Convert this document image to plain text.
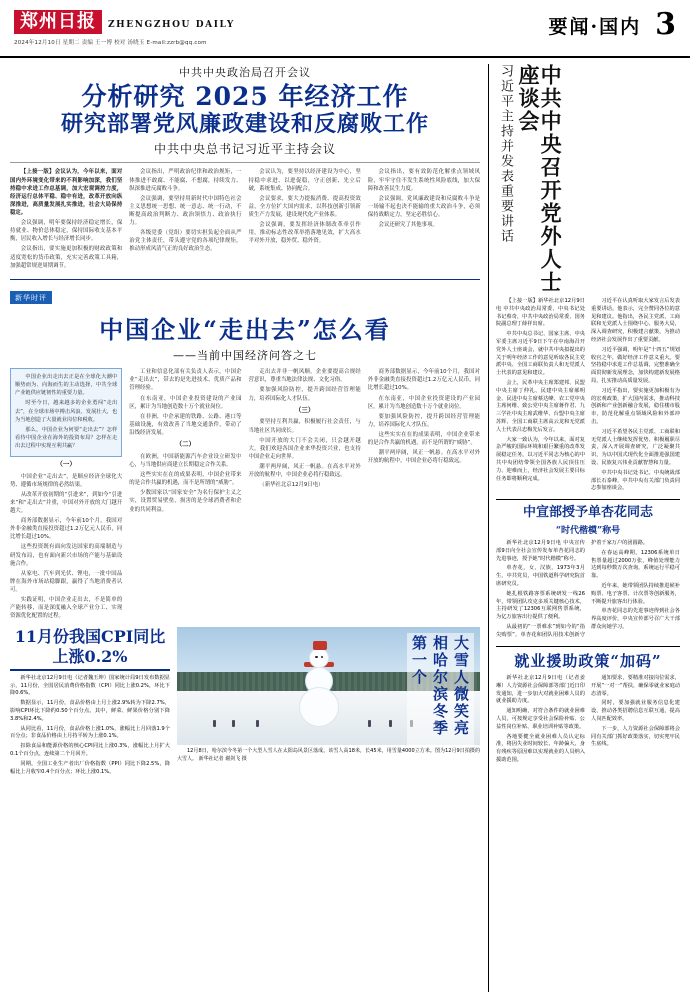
郑州日报	ZHENGZHOU DAILY
2024年12月10日 星期二 责编 王一博 校对 汤晓玉 E-mail:zzrb@qq.com
要闻·国内 3
中共中央政治局召开会议
分析研究 2025 年经济工作
研究部署党风廉政建设和反腐败工作
中共中央总书记习近平主持会议

【上接一版】会议认为，今年以来，面对国内外环境变化带来的不利影响加深，我们坚持稳中求进工作总基调，加大宏观调控力度，经济运行总体平稳、稳中有进，改革开放向纵深推进，高质量发展扎实推进，社会大局保持稳定。

会议强调，明年要保持经济稳定增长，保持就业、物价总体稳定，保持国际收支基本平衡，居民收入增长与经济增长同步。

会议指出，要实施更加积极的财政政策和适度宽松的货币政策，充实完善政策工具箱，加强超常规逆周期调节。

会议指出，严明政治纪律和政治规矩，一体推进不敢腐、不能腐、不想腐，持续发力、纵深推进反腐败斗争。

会议强调，要坚持用新时代中国特色社会主义思想统一思想、统一意志、统一行动，不断提高政治判断力、政治领悟力、政治执行力。

各级党委（党组）要切实担负起全面从严治党主体责任，带头遵守党的各项纪律规矩，推动形成风清气正的良好政治生态。

会议认为，要坚持以经济建设为中心，坚持稳中求进、以进促稳，守正创新、先立后破，系统集成、协同配合。

会议要求，要大力提振消费、提高投资效益，全方位扩大国内需求，以科技创新引领新质生产力发展，建设现代化产业体系。

会议强调，要发挥经济体制改革牵引作用，推动标志性改革举措落地见效，扩大高水平对外开放，稳外贸、稳外资。

会议指出，要有效防范化解重点领域风险，牢牢守住不发生系统性风险底线，加大保障和改善民生力度。

会议强调，党风廉政建设和反腐败斗争是一场输不起也决不能输的重大政治斗争，必须保持战略定力，坚定必胜信心。

会议还研究了其他事项。

新华时评
中国企业“走出去”怎么看
——当前中国经济问答之七

中国企业出走出去正是在全球化大潮中顺势而为、向海而生的主动选择，中共全球产业链供应链韧性的重要力量。

时至今日，越来越多的企业勇闯“走出去”，在全球市场中搏击风浪、发展壮大，也为当地创造了大量就业岗位和税收。

那么，中国企业为何要“走出去”？怎样看待中国企业在海外的投资布局？怎样在走出去过程中实现互利共赢？

（一）

中国企业“走出去”，是顺应经济全球化大势、遵循市场规律的必然结果。

从改革开放初期的“引进来”，到如今“引进来”和“走出去”并重，中国对外开放的大门越开越大。

商务部数据显示，今年前10个月，我国对外非金融类直接投资超过1.2万亿元人民币，同比增长超过10%。

这些投资既有面向发达国家的高端制造与研发布局，也有面向新兴市场的产能与基础设施合作。

从家电、汽车到光伏、锂电，一批中国品牌在海外市场站稳脚跟，赢得了当地消费者认可。

实践证明，中国企业走出去，不是简单的产能转移，而是深度融入全球产业分工、实现资源优化配置的过程。

工业和信息化部有关负责人表示，中国企业“走出去”，带去的是先进技术、优质产品和管理经验。

在东南亚，中国企业投资建设的产业园区，累计为当地创造数十万个就业岗位。

在非洲，中企承建的铁路、公路、港口等基础设施，有效改善了当地交通条件，带动了沿线经济发展。

（二）

在欧洲，中国新能源汽车企业设立研发中心，与当地供应商建立长期稳定合作关系。

这些实实在在的成果表明，中国企业带来的是合作共赢的机遇，而不是所谓的“威胁”。

少数国家以“国家安全”为名行保护主义之实，设置贸易壁垒，损害的是全球消费者和企业的共同利益。

走出去并非一帆风顺。企业要提高合规经营意识，尊重当地法律法规、文化习俗。

要加强风险防控，提升跨国经营管理能力，培养国际化人才队伍。

（三）

要坚持互利共赢，积极履行社会责任，与当地社区共同成长。

中国开放的大门不会关闭，只会越开越大。我们欢迎各国企业来华投资兴业，也支持中国企业走向世界。

潮平两岸阔，风正一帆悬。在高水平对外开放的航程中，中国企业必将行稳致远。

（新华社北京12月9日电）

商务部数据显示，今年前10个月，我国对外非金融类直接投资超过1.2万亿元人民币，同比增长超过10%。

在东南亚，中国企业投资建设的产业园区，累计为当地创造数十万个就业岗位。

要加强风险防控，提升跨国经营管理能力，培养国际化人才队伍。

这些实实在在的成果表明，中国企业带来的是合作共赢的机遇，而不是所谓的“威胁”。

潮平两岸阔，风正一帆悬。在高水平对外开放的航程中，中国企业必将行稳致远。

11月份我国CPI同比上涨0.2%

新华社北京12月9日电（记者魏玉坤）国家统计局9日发布数据显示，11月份，全国居民消费价格指数（CPI）同比上涨0.2%，环比下降0.6%。

数据显示，11月份，食品价格由上月上涨2.9%转为下降2.7%，影响CPI环比下降约0.50个百分点。其中，鲜菜、鲜果价格分别下降3.8%和2.4%。

从同比看，11月份，食品价格上涨1.0%，涨幅比上月回落1.9个百分点；非食品价格由上月持平转为上涨0.1%。

扣除食品和能源价格的核心CPI同比上涨0.3%，涨幅比上月扩大0.1个百分点，连续第二个月回升。

同期，全国工业生产者出厂价格指数（PPI）同比下降2.5%，降幅比上月收窄0.4个百分点；环比上涨0.1%。

大雪人微笑亮相哈尔滨冬季第一个

12月8日，哈尔滨今冬第一个大型人雪人在太阳岛风景区落成。该雪人高18米，长45米，用雪量4000立方米。图为12月9日拍摄的大雪人。 新华社记者 谢剑飞 摄

习近平主持并发表重要讲话	中共中央召开党外人士座谈会

【上接一版】新华社北京12月9日电 中共中央政治局常委、中央书记处书记蔡奇，中共中央政治局常委、国务院副总理丁薛祥出席。

中共中央总书记、国家主席、中央军委主席习近平9日下午在中南海召开党外人士座谈会，就中共中央拟提出的关于明年经济工作的意见听取各民主党派中央、全国工商联负责人和无党派人士代表的意见和建议。

会上，民革中央主席郑建邦、民盟中央主席丁仲礼、民建中央主席郝明金、民进中央主席蔡达峰、农工党中央主席何维、致公党中央主席蒋作君、九三学社中央主席武维华、台盟中央主席苏辉、全国工商联主席高云龙和无党派人士代表吕忠梅先后发言。

大家一致认为，今年以来，面对复杂严峻的国际环境和艰巨繁重的改革发展稳定任务，以习近平同志为核心的中共中央团结带领全国各族人民顶住压力、迎难而上，经济社会发展主要目标任务即将顺利完成。

习近平在认真听取大家发言后发表重要讲话。他表示，完全赞同各位的意见和建议。他指出，各民主党派、工商联和无党派人士围绕中心、服务大局，深入调查研究，积极建言献策，为推动经济社会发展作出了重要贡献。

习近平强调，明年是“十四五”规划收官之年，做好经济工作意义重大。要坚持稳中求进工作总基调，完整准确全面贯彻新发展理念，加快构建新发展格局，扎实推动高质量发展。

习近平指出，要实施更加积极有为的宏观政策，扩大国内需求，推动科技创新和产业创新融合发展，稳住楼市股市，防范化解重点领域风险和外部冲击。

习近平希望各民主党派、工商联和无党派人士继续发挥优势、积极履职尽责，深入开展调查研究，广泛凝聚共识，为以中国式现代化全面推进强国建设、民族复兴伟业贡献智慧和力量。

中共中央书记处书记、中央统战部部长石泰峰，中共中央有关部门负责同志参加座谈会。

中宣部授予单杏花同志
“时代楷模”称号

新华社北京12月9日电 中央宣传部9日向全社会宣传发布单杏花同志的先进事迹，授予她“时代楷模”称号。

单杏花，女，汉族，1973年3月生，中共党员，中国铁道科学研究院首席研究员。

她扎根铁路客票系统研发一线26年，带领团队攻克多项关键核心技术，主持研发了12306互联网售票系统，为亿万旅客出行提供了便利。

从最初的“一票难求”到如今的“指尖购票”，单杏花和团队用技术创新守护着千家万户的团圆路。

在春运高峰期，12306系统单日售票量超过2000万张，峰值处理能力达到每秒数万次查询，系统运行平稳可靠。

近年来，她带领团队持续推进候补购票、电子客票、计次票等创新服务，不断提升旅客出行体验。

单杏花同志的先进事迹得到社会各界高度评价，中央宣传部号召广大干部群众向她学习。

就业援助政策“加码”

新华社北京12月9日电（记者姜琳）人力资源社会保障部等部门近日印发通知，进一步加大对就业困难人员的就业援助力度。

通知明确，对符合条件的就业困难人员，可按规定享受社会保险补贴、公益性岗位补贴、职业培训补贴等政策。

各地要健全就业困难人员认定标准，将因失业时间较长、年龄偏大、身有残疾等原因难以实现就业的人员纳入援助范围。

通知要求，要精准对接岗位需求，开展“一对一”帮扶，确保零就业家庭动态清零。

同时，要加强就业服务信息化建设，推动各类招聘信息互联互通，提高人岗匹配效率。

下一步，人力资源社会保障部将会同有关部门抓好政策落实，切实兜牢民生底线。
